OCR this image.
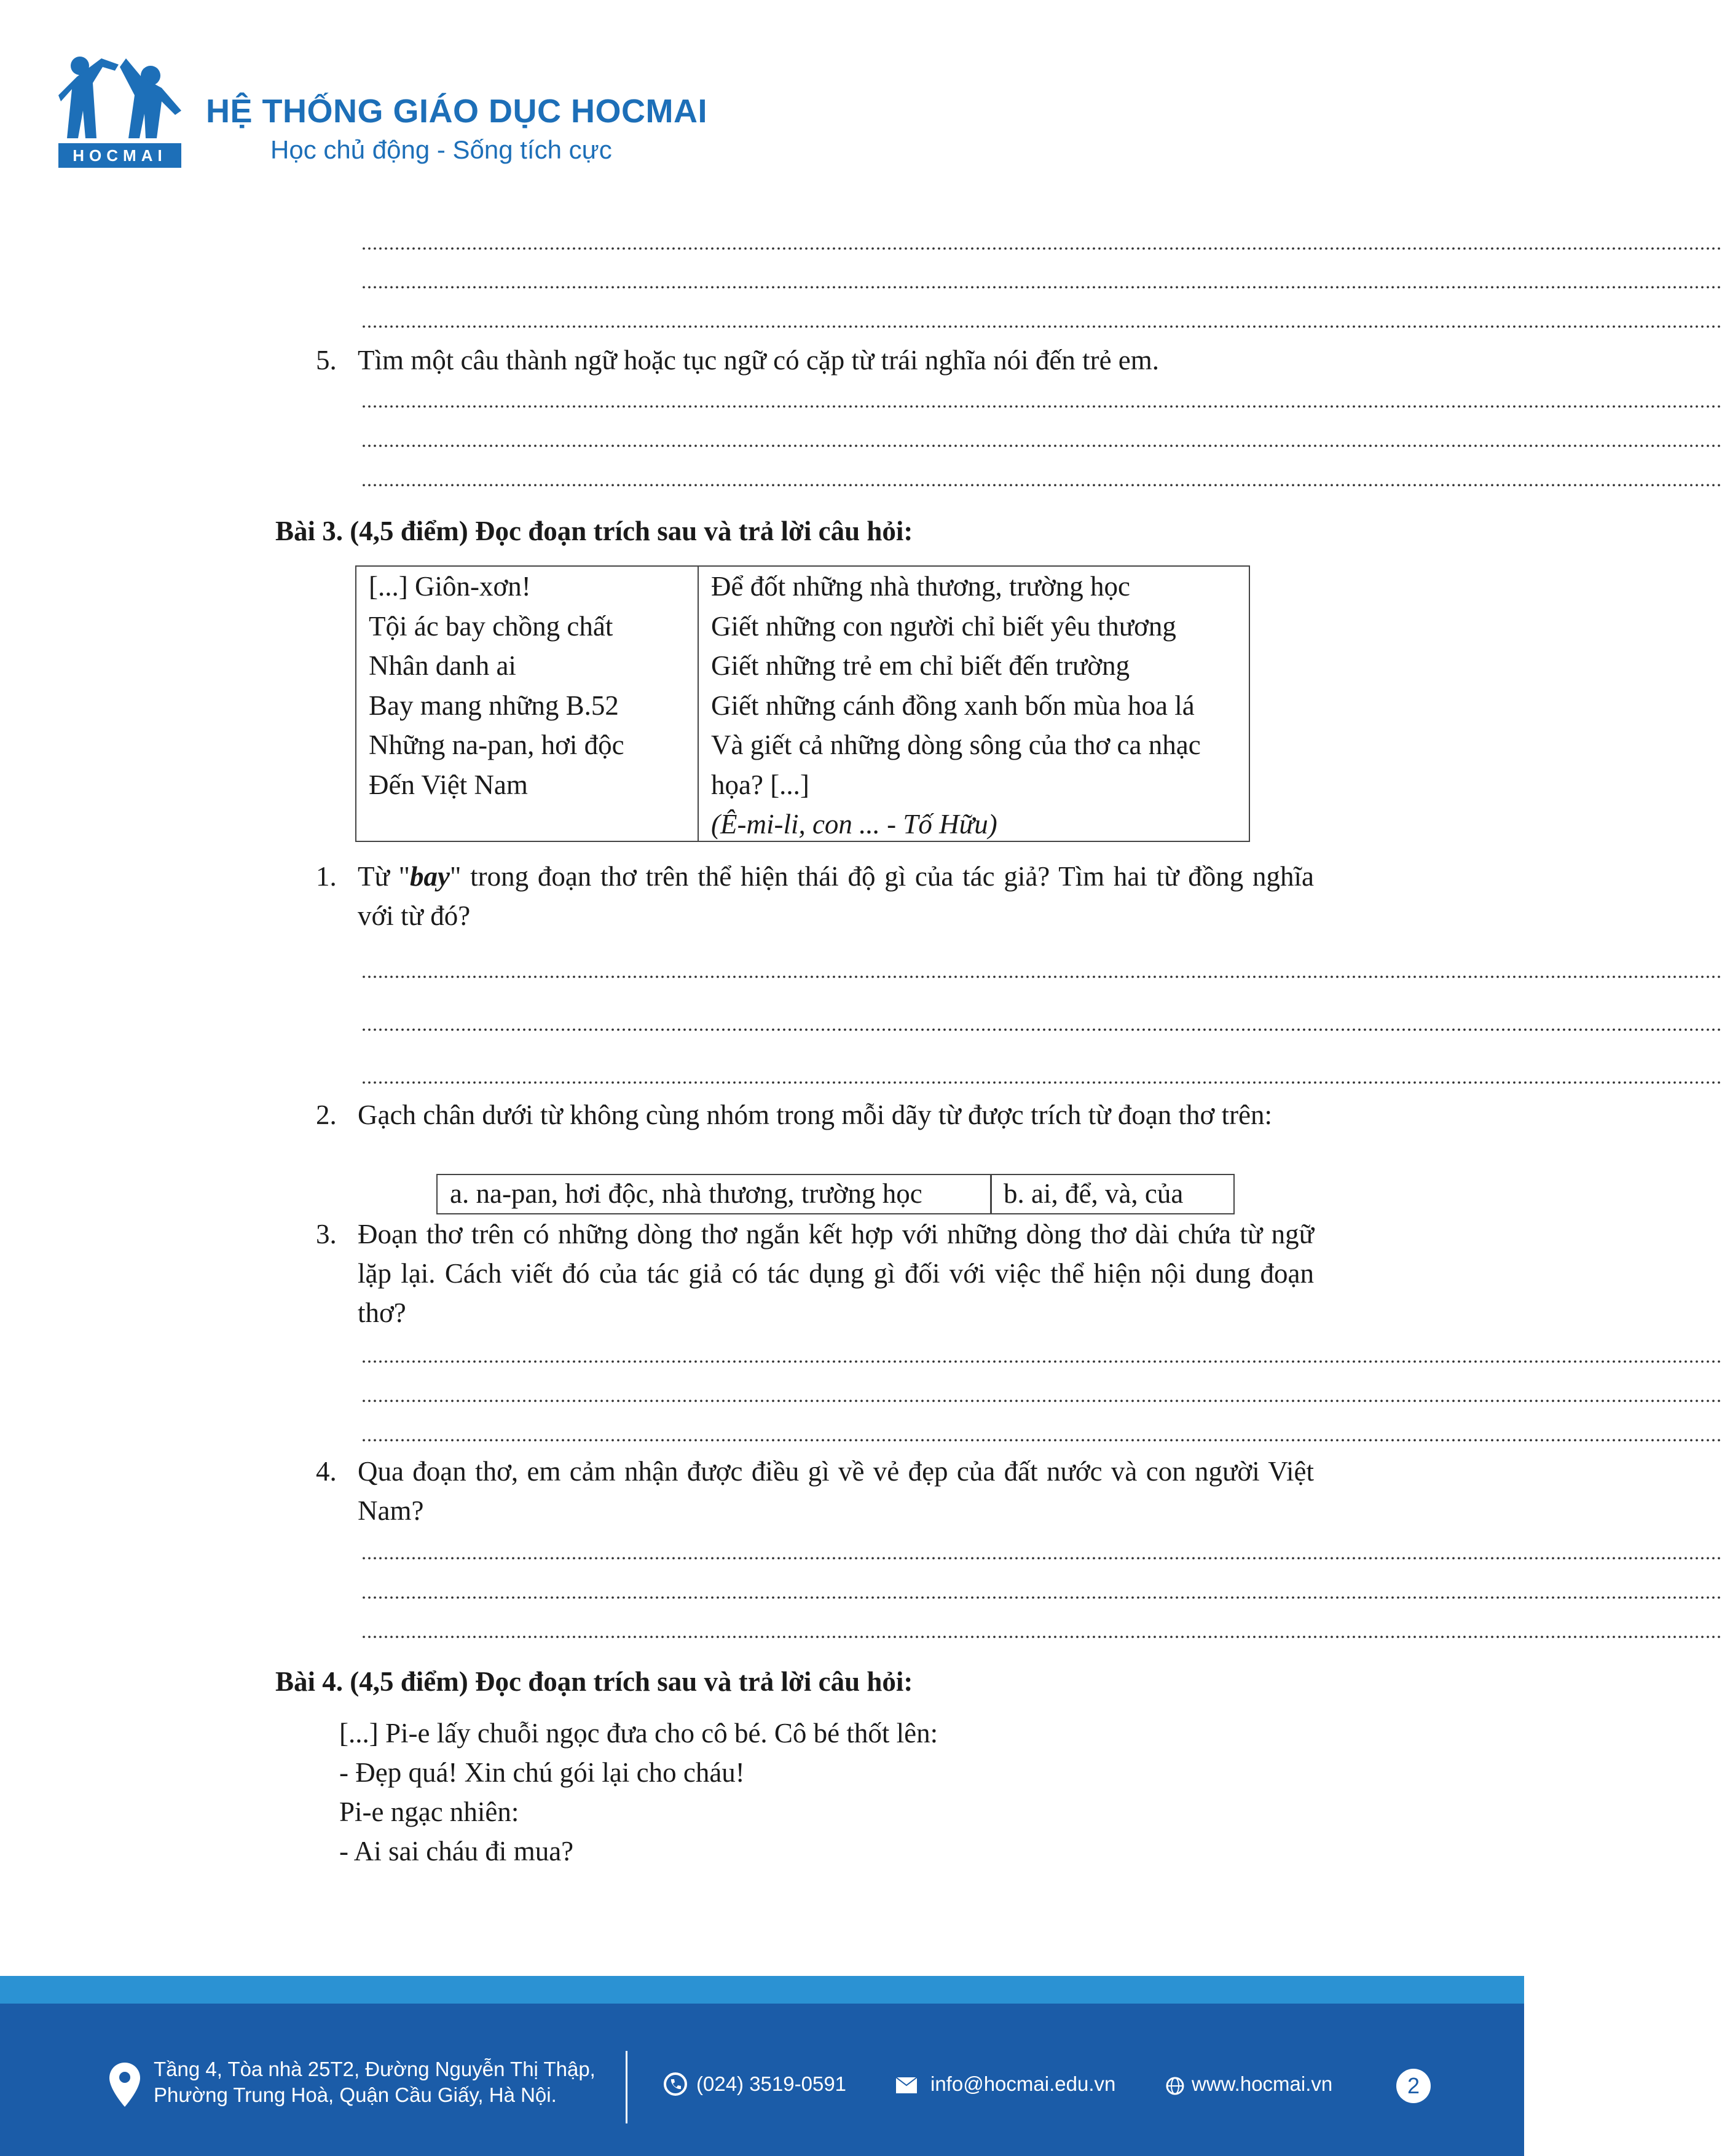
HOCMAI
HỆ THỐNG GIÁO DỤC HOCMAI
Học chủ động - Sống tích cực
......................................................................................................................................................................................................................................................
......................................................................................................................................................................................................................................................
......................................................................................................................................................................................................................................................
5. Tìm một câu thành ngữ hoặc tục ngữ có cặp từ trái nghĩa nói đến trẻ em.
......................................................................................................................................................................................................................................................
......................................................................................................................................................................................................................................................
......................................................................................................................................................................................................................................................
Bài 3. (4,5 điểm) Đọc đoạn trích sau và trả lời câu hỏi:
[...] Giôn-xơn!
Tội ác bay chồng chất
Nhân danh ai
Bay mang những B.52
Những na-pan, hơi độc
Đến Việt Nam
Để đốt những nhà thương, trường học
Giết những con người chỉ biết yêu thương
Giết những trẻ em chỉ biết đến trường
Giết những cánh đồng xanh bốn mùa hoa lá
Và giết cả những dòng sông của thơ ca nhạc
họa? [...]
(Ê-mi-li, con ... - Tố Hữu)
1. Từ "bay" trong đoạn thơ trên thể hiện thái độ gì của tác giả? Tìm hai từ đồng nghĩa với từ đó?
......................................................................................................................................................................................................................................................
......................................................................................................................................................................................................................................................
......................................................................................................................................................................................................................................................
2. Gạch chân dưới từ không cùng nhóm trong mỗi dãy từ được trích từ đoạn thơ trên:
a. na-pan, hơi độc, nhà thương, trường học	b. ai, để, và, của
3. Đoạn thơ trên có những dòng thơ ngắn kết hợp với những dòng thơ dài chứa từ ngữ lặp lại. Cách viết đó của tác giả có tác dụng gì đối với việc thể hiện nội dung đoạn thơ?
......................................................................................................................................................................................................................................................
......................................................................................................................................................................................................................................................
......................................................................................................................................................................................................................................................
4. Qua đoạn thơ, em cảm nhận được điều gì về vẻ đẹp của đất nước và con người Việt Nam?
......................................................................................................................................................................................................................................................
......................................................................................................................................................................................................................................................
......................................................................................................................................................................................................................................................
Bài 4. (4,5 điểm) Đọc đoạn trích sau và trả lời câu hỏi:
[...] Pi-e lấy chuỗi ngọc đưa cho cô bé. Cô bé thốt lên:
- Đẹp quá! Xin chú gói lại cho cháu!
Pi-e ngạc nhiên:
- Ai sai cháu đi mua?
Tầng 4, Tòa nhà 25T2, Đường Nguyễn Thị Thập,
Phường Trung Hoà, Quận Cầu Giấy, Hà Nội.	(024) 3519-0591	info@hocmai.edu.vn	www.hocmai.vn	2
